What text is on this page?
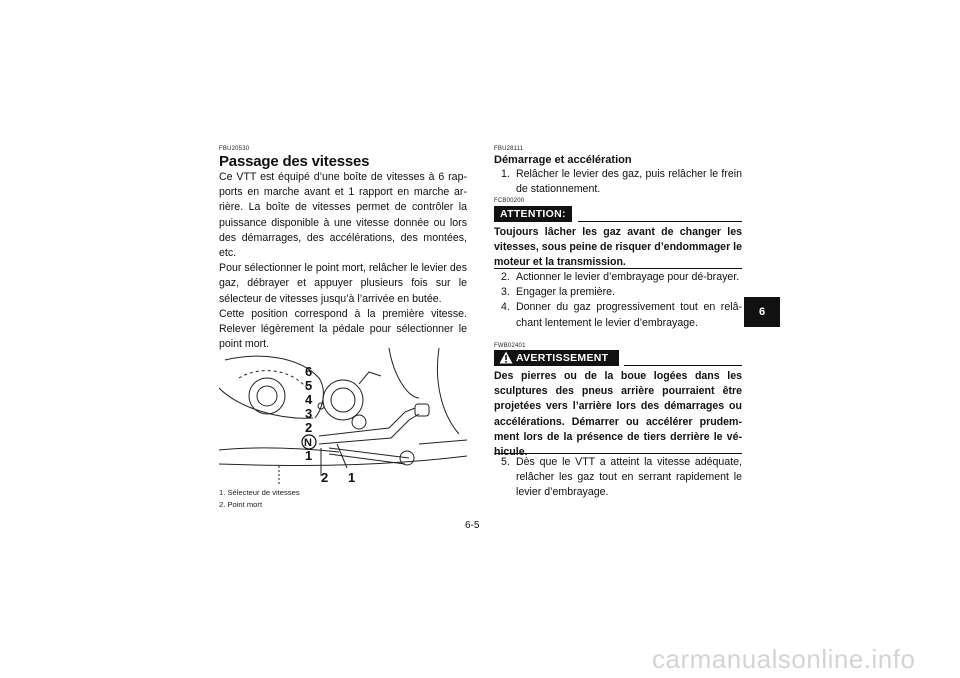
FBU20530
Passage des vitesses
Ce VTT est équipé d’une boîte de vitesses à 6 rap-ports en marche avant et 1 rapport en marche ar-rière. La boîte de vitesses permet de contrôler la puissance disponible à une vitesse donnée ou lors des démarrages, des accélérations, des montées, etc.
Pour sélectionner le point mort, relâcher le levier des gaz, débrayer et appuyer plusieurs fois sur le sélecteur de vitesses jusqu’à l’arrivée en butée.
Cette position correspond à la première vitesse. Relever légèrement la pédale pour sélectionner le point mort.
6
5
4
3
2
N
1
2 1
1. Sélecteur de vitesses
2. Point mort
FBU28111
Démarrage et accélération
1. Relâcher le levier des gaz, puis relâcher le frein de stationnement.
FCB00200
ATTENTION:
Toujours lâcher les gaz avant de changer les vitesses, sous peine de risquer d’endommager le moteur et la transmission.
2. Actionner le levier d’embrayage pour dé-brayer.
3. Engager la première.
4. Donner du gaz progressivement tout en relâ-chant lentement le levier d’embrayage.
FWB02401
AVERTISSEMENT
Des pierres ou de la boue logées dans les sculptures des pneus arrière pourraient être projetées vers l’arrière lors des démarrages ou accélérations. Démarrer ou accélérer prudem-ment lors de la présence de tiers derrière le vé-
5. Dès que le VTT a atteint la vitesse adéquate, relâcher les gaz tout en serrant rapidement le levier d’embrayage.
6
6-5
carmanualsonline.info
